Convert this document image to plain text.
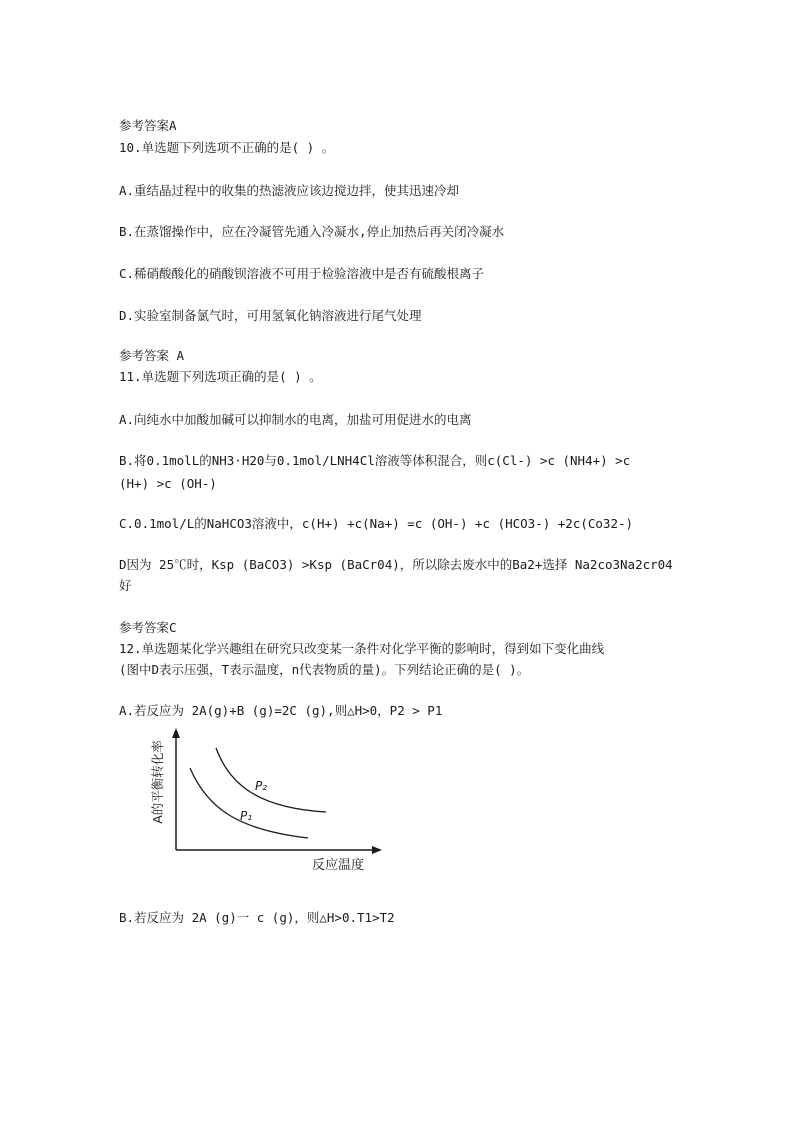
参考答案A
10.单选题下列选项不正确的是( ) 。
A.重结晶过程中的收集的热滤液应该边搅边拌，使其迅速冷却
B.在蒸馏操作中，应在冷凝管先通入冷凝水,停止加热后再关闭冷凝水
C.稀硝酸酸化的硝酸钡溶液不可用于检验溶液中是否有硫酸根离子
D.实验室制备氯气时，可用氢氧化钠溶液进行尾气处理
参考答案 A
11.单选题下列选项正确的是( ) 。
A.向纯水中加酸加碱可以抑制水的电离，加盐可用促进水的电离
B.将0.1molL的NH3·H20与0.1mol/LNH4Cl溶液等体积混合，则c(Cl-) >c (NH4+) >c
(H+) >c (OH-)
C.0.1mol/L的NaHCO3溶液中，c(H+) +c(Na+) =c (OH-) +c (HCO3-) +2c(Co32-)
D因为 25℃时，Ksp (BaCO3) >Ksp (BaCr04)，所以除去废水中的Ba2+选择 Na2co3Na2cr04
好
参考答案C
12.单选题某化学兴趣组在研究只改变某一条件对化学平衡的影响时，得到如下变化曲线
(图中D表示压强，T表示温度，n代表物质的量)。下列结论正确的是( )。
A.若反应为 2A(g)+B (g)=2C (g),则△H>0，P2 > P1
P₂
P₁
A的平衡转化率
反应温度
B.若反应为 2A (g)一 c (g)，则△H>0.T1>T2
